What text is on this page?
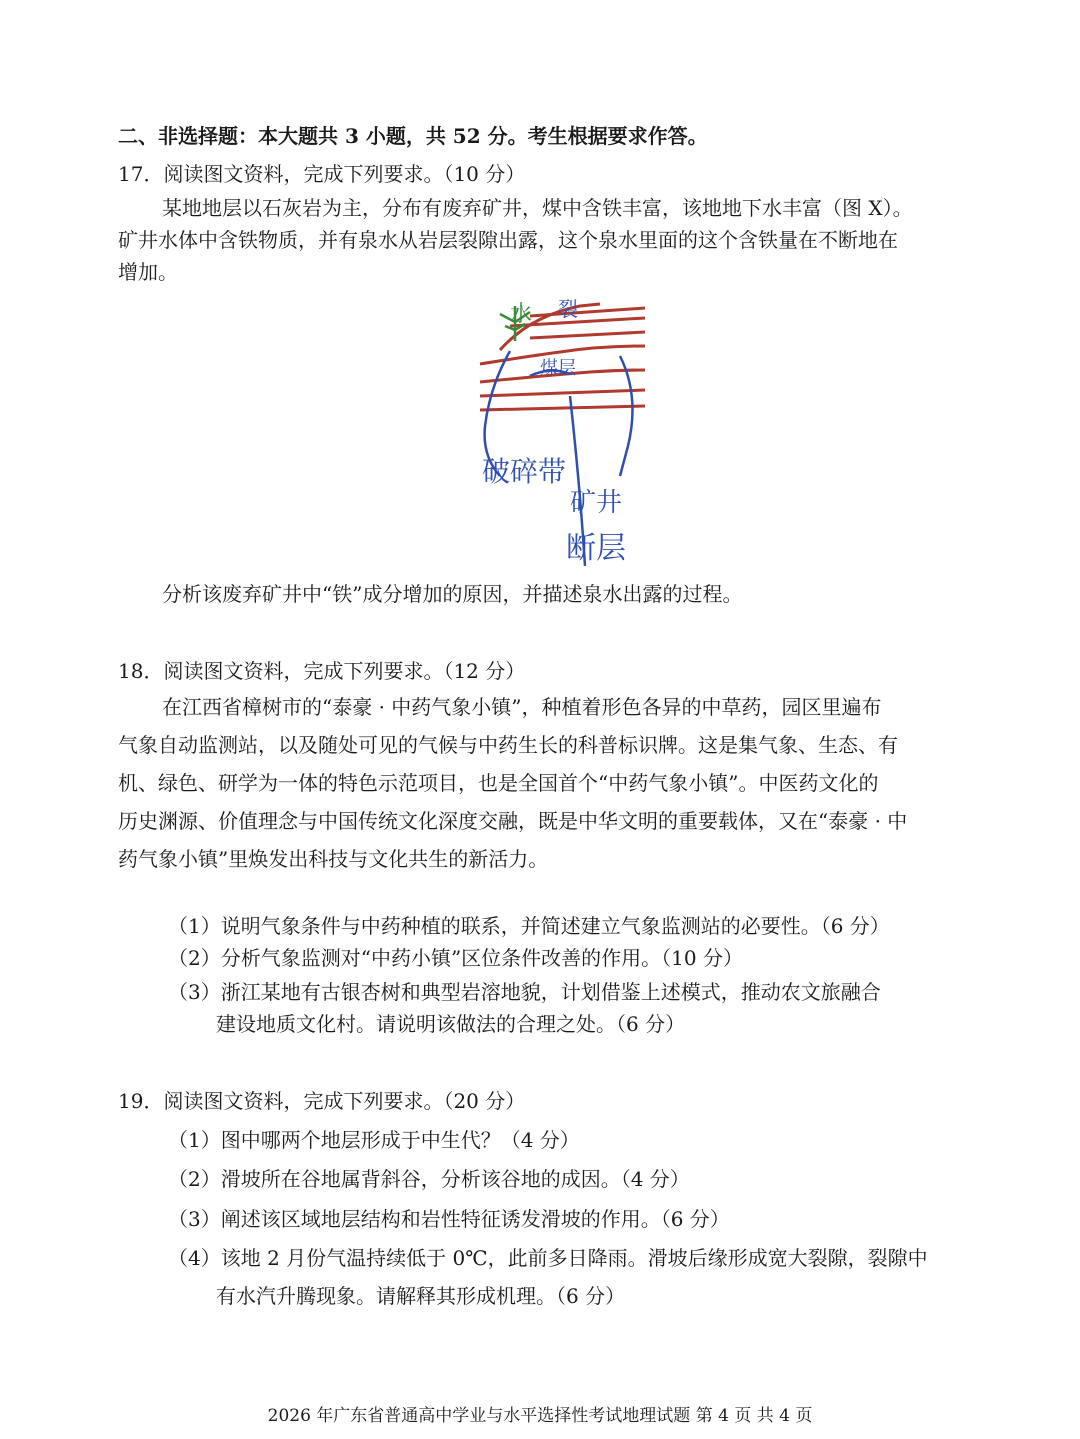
二、非选择题：本大题共 3 小题，共 52 分。考生根据要求作答。
17．阅读图文资料，完成下列要求。（10 分）
某地地层以石灰岩为主，分布有废弃矿井，煤中含铁丰富，该地地下水丰富（图 X）。
矿井水体中含铁物质，并有泉水从岩层裂隙出露，这个泉水里面的这个含铁量在不断地在
增加。
水 裂
煤层
破碎带
矿井
断层
分析该废弃矿井中“铁”成分增加的原因，并描述泉水出露的过程。
18．阅读图文资料，完成下列要求。（12 分）
在江西省樟树市的“泰豪 · 中药气象小镇”，种植着形色各异的中草药，园区里遍布
气象自动监测站，以及随处可见的气候与中药生长的科普标识牌。这是集气象、生态、有
机、绿色、研学为一体的特色示范项目，也是全国首个“中药气象小镇”。中医药文化的
历史渊源、价值理念与中国传统文化深度交融，既是中华文明的重要载体，又在“泰豪 · 中
药气象小镇”里焕发出科技与文化共生的新活力。
（1）说明气象条件与中药种植的联系，并简述建立气象监测站的必要性。（6 分）
（2）分析气象监测对“中药小镇”区位条件改善的作用。（10 分）
（3）浙江某地有古银杏树和典型岩溶地貌，计划借鉴上述模式，推动农文旅融合
建设地质文化村。请说明该做法的合理之处。（6 分）
19．阅读图文资料，完成下列要求。（20 分）
（1）图中哪两个地层形成于中生代？（4 分）
（2）滑坡所在谷地属背斜谷，分析该谷地的成因。（4 分）
（3）阐述该区域地层结构和岩性特征诱发滑坡的作用。（6 分）
（4）该地 2 月份气温持续低于 0℃，此前多日降雨。滑坡后缘形成宽大裂隙，裂隙中
有水汽升腾现象。请解释其形成机理。（6 分）
2026 年广东省普通高中学业与水平选择性考试地理试题 第 4 页 共 4 页
